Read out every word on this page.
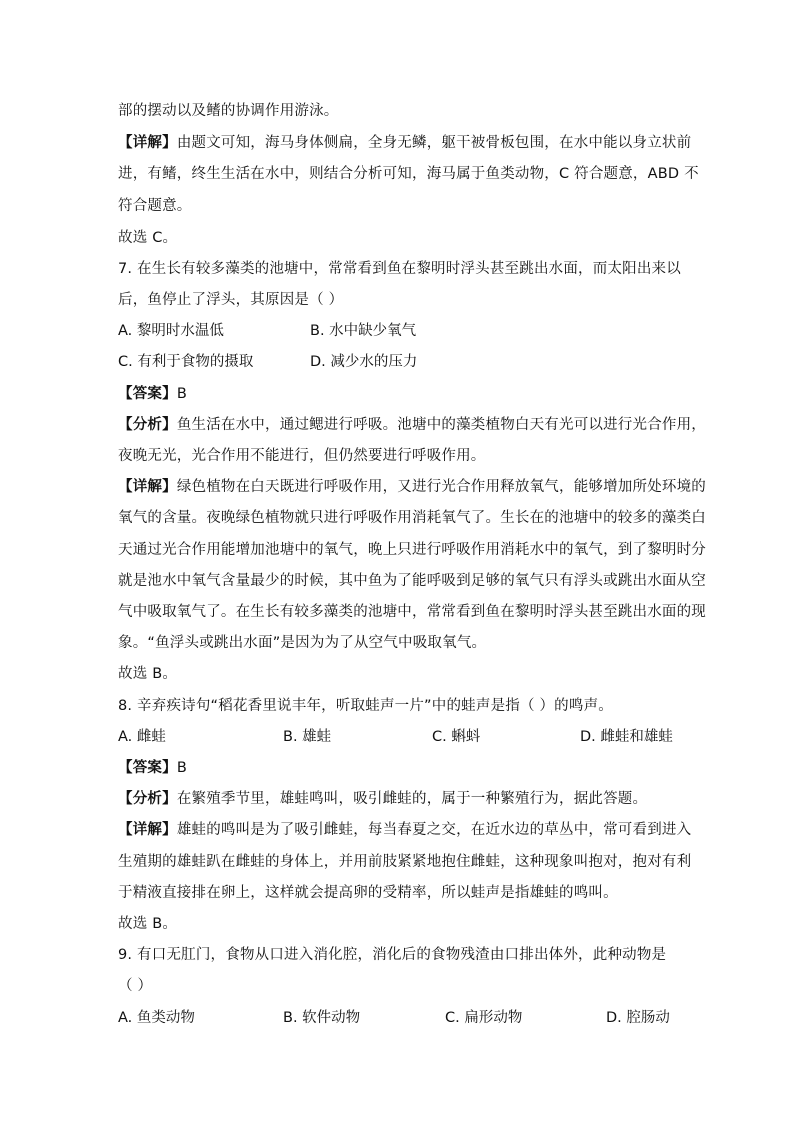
部的摆动以及鳍的协调作用游泳。
【详解】由题文可知，海马身体侧扁，全身无鳞，躯干被骨板包围，在水中能以身立状前
进，有鳍，终生生活在水中，则结合分析可知，海马属于鱼类动物，C 符合题意，ABD 不
符合题意。
故选 C。
7. 在生长有较多藻类的池塘中，常常看到鱼在黎明时浮头甚至跳出水面，而太阳出来以
后，鱼停止了浮头，其原因是（ ）
A. 黎明时水温低	B. 水中缺少氧气
C. 有利于食物的摄取	D. 减少水的压力
【答案】B
【分析】鱼生活在水中，通过鳃进行呼吸。池塘中的藻类植物白天有光可以进行光合作用，
夜晚无光，光合作用不能进行，但仍然要进行呼吸作用。
【详解】绿色植物在白天既进行呼吸作用，又进行光合作用释放氧气，能够增加所处环境的
氧气的含量。夜晚绿色植物就只进行呼吸作用消耗氧气了。生长在的池塘中的较多的藻类白
天通过光合作用能增加池塘中的氧气，晚上只进行呼吸作用消耗水中的氧气，到了黎明时分
就是池水中氧气含量最少的时候，其中鱼为了能呼吸到足够的氧气只有浮头或跳出水面从空
气中吸取氧气了。在生长有较多藻类的池塘中，常常看到鱼在黎明时浮头甚至跳出水面的现
象。“鱼浮头或跳出水面”是因为为了从空气中吸取氧气。
故选 B。
8. 辛弃疾诗句“稻花香里说丰年，听取蛙声一片”中的蛙声是指（ ）的鸣声。
A. 雌蛙	B. 雄蛙	C. 蝌蚪	D. 雌蛙和雄蛙
【答案】B
【分析】在繁殖季节里，雄蛙鸣叫，吸引雌蛙的，属于一种繁殖行为，据此答题。
【详解】雄蛙的鸣叫是为了吸引雌蛙，每当春夏之交，在近水边的草丛中，常可看到进入
生殖期的雄蛙趴在雌蛙的身体上，并用前肢紧紧地抱住雌蛙，这种现象叫抱对，抱对有利
于精液直接排在卵上，这样就会提高卵的受精率，所以蛙声是指雄蛙的鸣叫。
故选 B。
9. 有口无肛门，食物从口进入消化腔，消化后的食物残渣由口排出体外，此种动物是
（ ）
A. 鱼类动物	B. 软件动物	C. 扁形动物	D. 腔肠动
